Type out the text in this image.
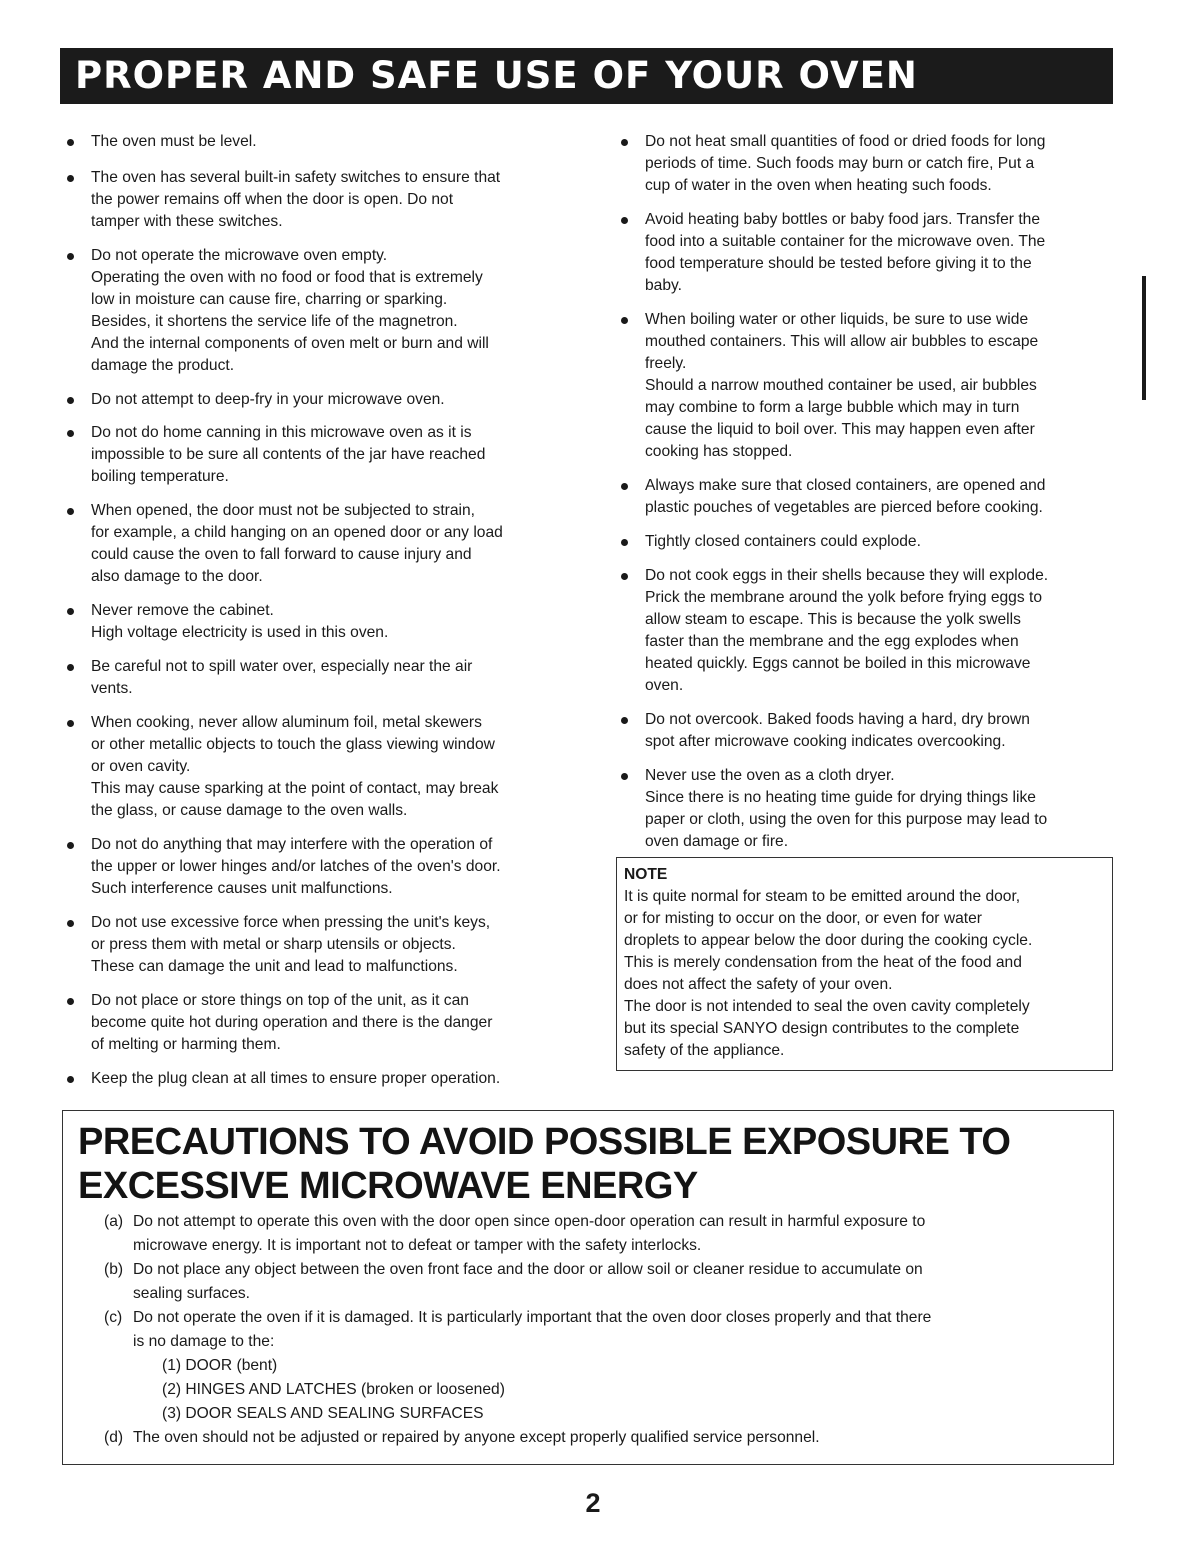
PROPER AND SAFE USE OF YOUR OVEN
The oven must be level.
The oven has several built-in safety switches to ensure that
the power remains off when the door is open. Do not
tamper with these switches.
Do not operate the microwave oven empty.
Operating the oven with no food or food that is extremely
low in moisture can cause fire, charring or sparking.
Besides, it shortens the service life of the magnetron.
And the internal components of oven melt or burn and will
damage the product.
Do not attempt to deep-fry in your microwave oven.
Do not do home canning in this microwave oven as it is
impossible to be sure all contents of the jar have reached
boiling temperature.
When opened, the door must not be subjected to strain,
for example, a child hanging on an opened door or any load
could cause the oven to fall forward to cause injury and
also damage to the door.
Never remove the cabinet.
High voltage electricity is used in this oven.
Be careful not to spill water over, especially near the air
vents.
When cooking, never allow aluminum foil, metal skewers
or other metallic objects to touch the glass viewing window
or oven cavity.
This may cause sparking at the point of contact, may break
the glass, or cause damage to the oven walls.
Do not do anything that may interfere with the operation of
the upper or lower hinges and/or latches of the oven's door.
Such interference causes unit malfunctions.
Do not use excessive force when pressing the unit's keys,
or press them with metal or sharp utensils or objects.
These can damage the unit and lead to malfunctions.
Do not place or store things on top of the unit, as it can
become quite hot during operation and there is the danger
of melting or harming them.
Keep the plug clean at all times to ensure proper operation.
Do not heat small quantities of food or dried foods for long
periods of time. Such foods may burn or catch fire, Put a
cup of water in the oven when heating such foods.
Avoid heating baby bottles or baby food jars. Transfer the
food into a suitable container for the microwave oven. The
food temperature should be tested before giving it to the
baby.
When boiling water or other liquids, be sure to use wide
mouthed containers. This will allow air bubbles to escape
freely.
Should a narrow mouthed container be used, air bubbles
may combine to form a large bubble which may in turn
cause the liquid to boil over. This may happen even after
cooking has stopped.
Always make sure that closed containers, are opened and
plastic pouches of vegetables are pierced before cooking.
Tightly closed containers could explode.
Do not cook eggs in their shells because they will explode.
Prick the membrane around the yolk before frying eggs to
allow steam to escape. This is because the yolk swells
faster than the membrane and the egg explodes when
heated quickly. Eggs cannot be boiled in this microwave
oven.
Do not overcook. Baked foods having a hard, dry brown
spot after microwave cooking indicates overcooking.
Never use the oven as a cloth dryer.
Since there is no heating time guide for drying things like
paper or cloth, using the oven for this purpose may lead to
oven damage or fire.
NOTE
It is quite normal for steam to be emitted around the door,
or for misting to occur on the door, or even for water
droplets to appear below the door during the cooking cycle.
This is merely condensation from the heat of the food and
does not affect the safety of your oven.
The door is not intended to seal the oven cavity completely
but its special SANYO design contributes to the complete
safety of the appliance.
PRECAUTIONS TO AVOID POSSIBLE EXPOSURE TO
EXCESSIVE MICROWAVE ENERGY
(a) Do not attempt to operate this oven with the door open since open-door operation can result in harmful exposure to
microwave energy. It is important not to defeat or tamper with the safety interlocks.
(b) Do not place any object between the oven front face and the door or allow soil or cleaner residue to accumulate on
sealing surfaces.
(c) Do not operate the oven if it is damaged. It is particularly important that the oven door closes properly and that there
is no damage to the:
(1) DOOR (bent)
(2) HINGES AND LATCHES (broken or loosened)
(3) DOOR SEALS AND SEALING SURFACES
(d) The oven should not be adjusted or repaired by anyone except properly qualified service personnel.
2
